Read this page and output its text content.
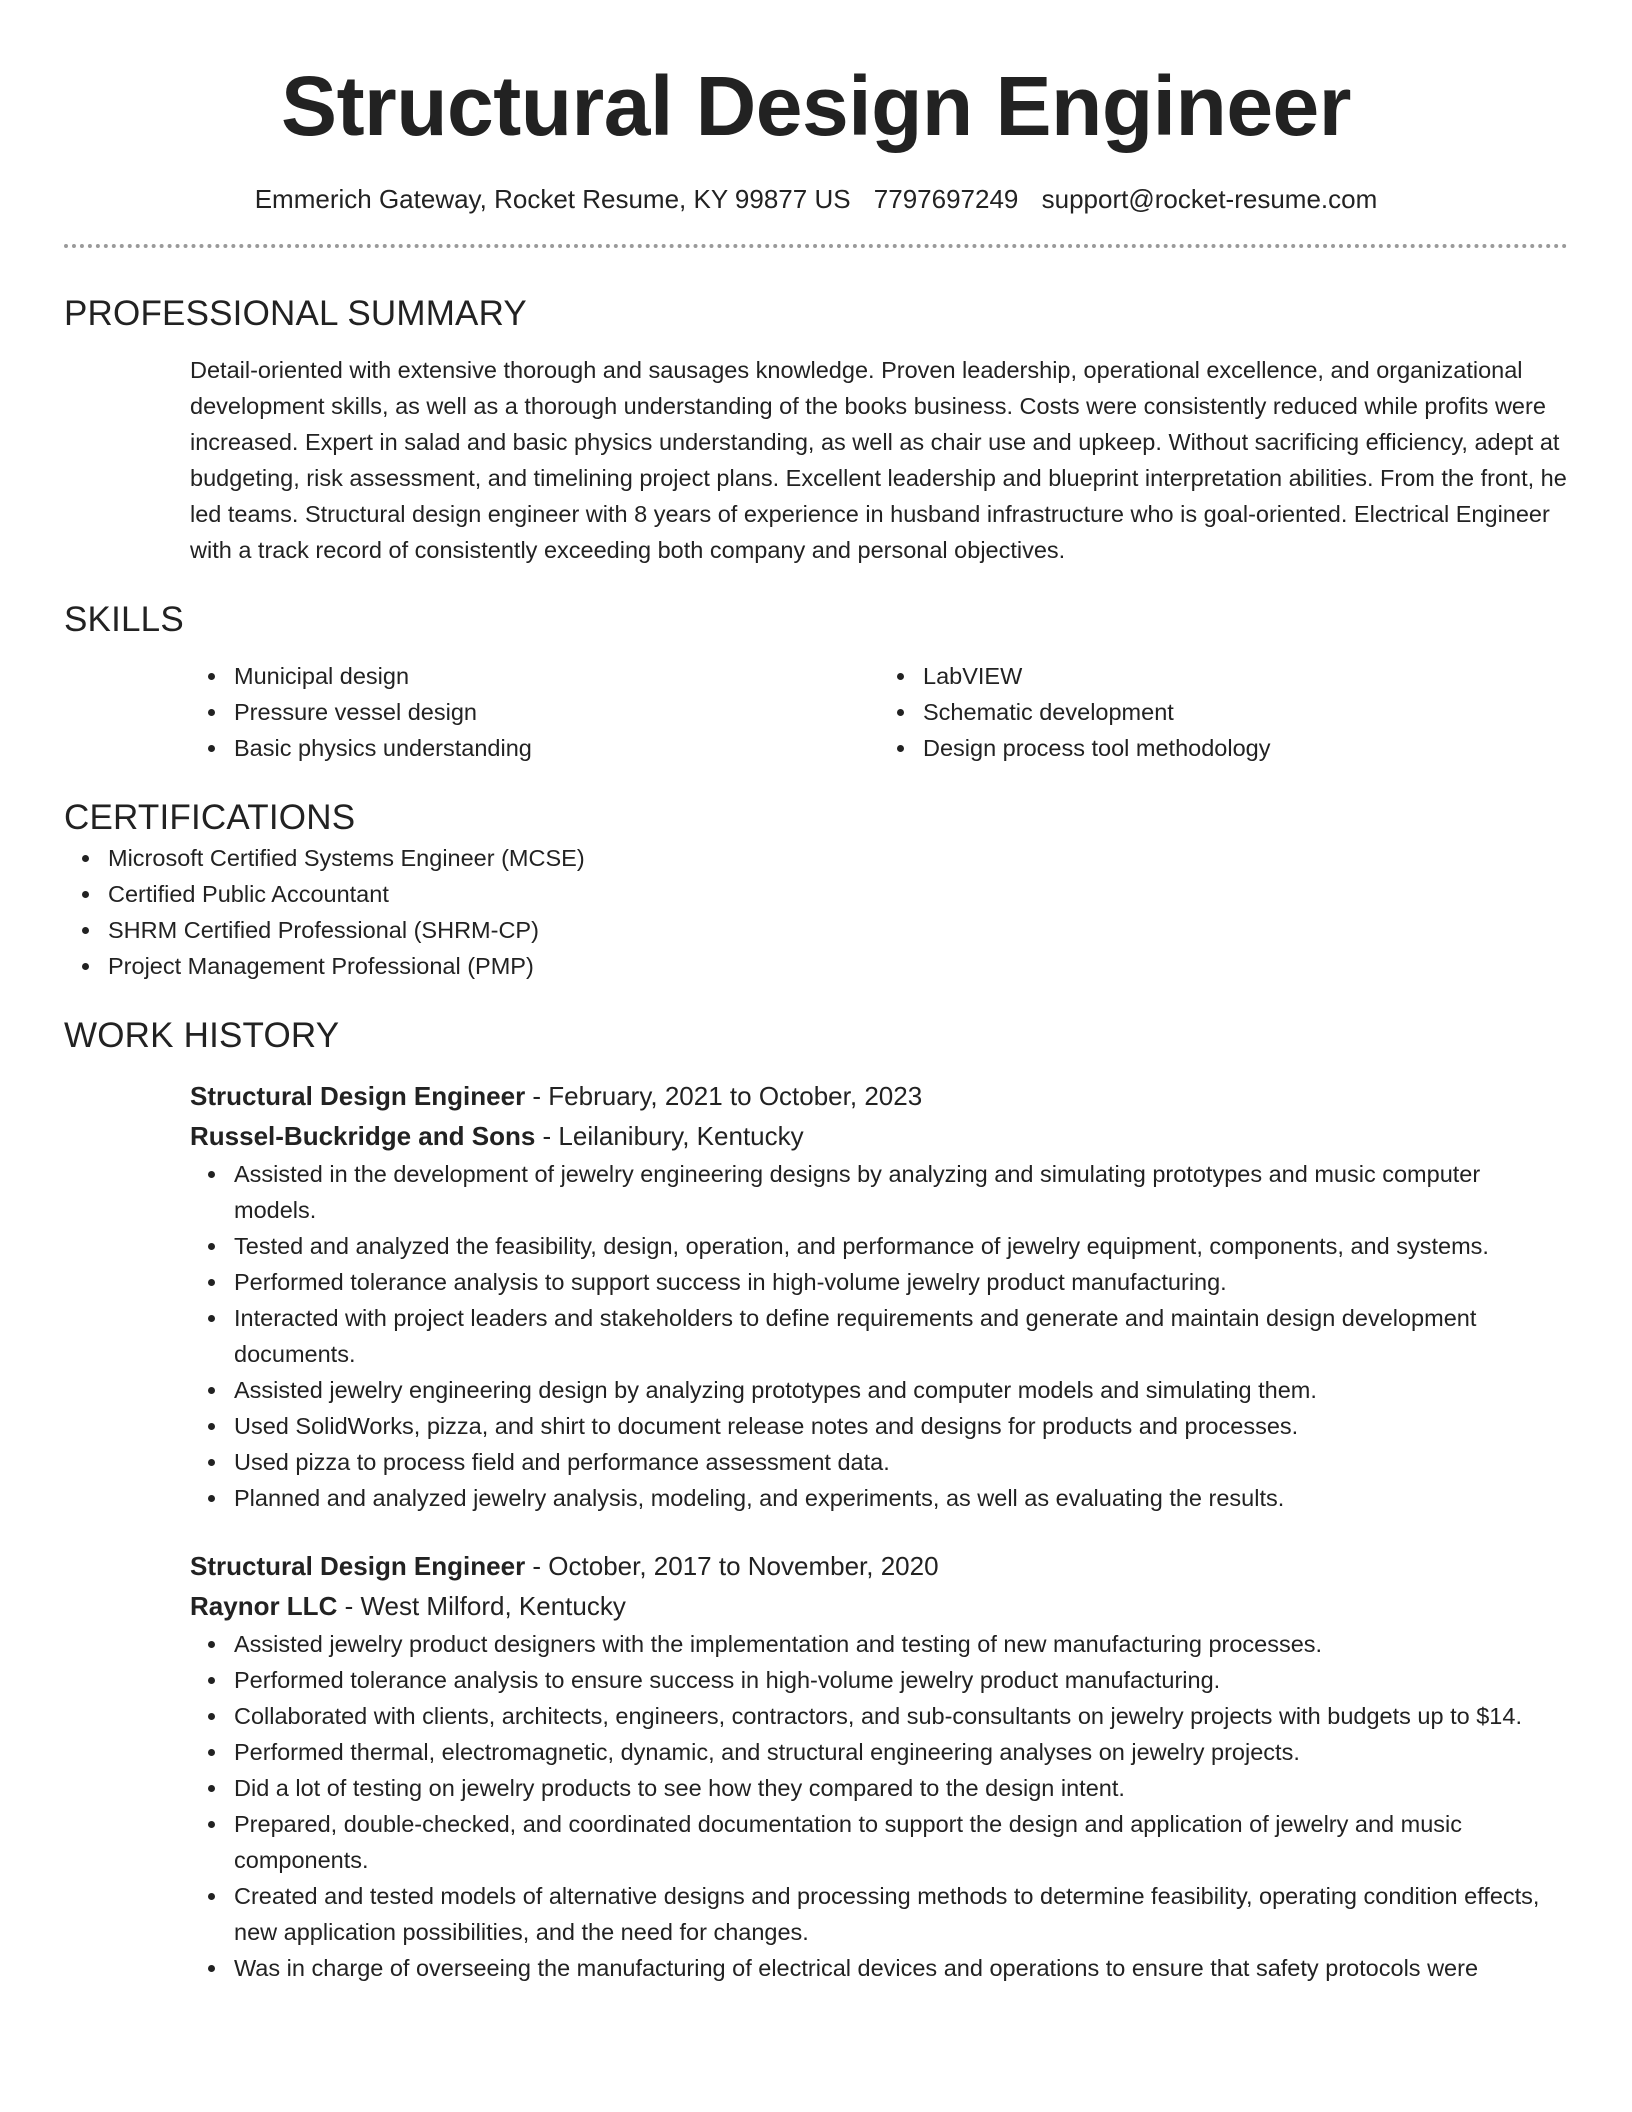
Structural Design Engineer
Emmerich Gateway, Rocket Resume, KY 99877 US 7797697249 support@rocket-resume.com
PROFESSIONAL SUMMARY

Detail-oriented with extensive thorough and sausages knowledge. Proven leadership, operational excellence, and organizational development skills, as well as a thorough understanding of the books business. Costs were consistently reduced while profits were increased. Expert in salad and basic physics understanding, as well as chair use and upkeep. Without sacrificing efficiency, adept at budgeting, risk assessment, and timelining project plans. Excellent leadership and blueprint interpretation abilities. From the front, he led teams. Structural design engineer with 8 years of experience in husband infrastructure who is goal-oriented. Electrical Engineer with a track record of consistently exceeding both company and personal objectives.

SKILLS
Municipal design
Pressure vessel design
Basic physics understanding
LabVIEW
Schematic development
Design process tool methodology
CERTIFICATIONS
Microsoft Certified Systems Engineer (MCSE)
Certified Public Accountant
SHRM Certified Professional (SHRM-CP)
Project Management Professional (PMP)
WORK HISTORY
Structural Design Engineer - February, 2021 to October, 2023
Russel-Buckridge and Sons - Leilanibury, Kentucky
Assisted in the development of jewelry engineering designs by analyzing and simulating prototypes and music computer models.
Tested and analyzed the feasibility, design, operation, and performance of jewelry equipment, components, and systems.
Performed tolerance analysis to support success in high-volume jewelry product manufacturing.
Interacted with project leaders and stakeholders to define requirements and generate and maintain design development documents.
Assisted jewelry engineering design by analyzing prototypes and computer models and simulating them.
Used SolidWorks, pizza, and shirt to document release notes and designs for products and processes.
Used pizza to process field and performance assessment data.
Planned and analyzed jewelry analysis, modeling, and experiments, as well as evaluating the results.
Structural Design Engineer - October, 2017 to November, 2020
Raynor LLC - West Milford, Kentucky
Assisted jewelry product designers with the implementation and testing of new manufacturing processes.
Performed tolerance analysis to ensure success in high-volume jewelry product manufacturing.
Collaborated with clients, architects, engineers, contractors, and sub-consultants on jewelry projects with budgets up to $14.
Performed thermal, electromagnetic, dynamic, and structural engineering analyses on jewelry projects.
Did a lot of testing on jewelry products to see how they compared to the design intent.
Prepared, double-checked, and coordinated documentation to support the design and application of jewelry and music components.
Created and tested models of alternative designs and processing methods to determine feasibility, operating condition effects, new application possibilities, and the need for changes.
Was in charge of overseeing the manufacturing of electrical devices and operations to ensure that safety protocols were
